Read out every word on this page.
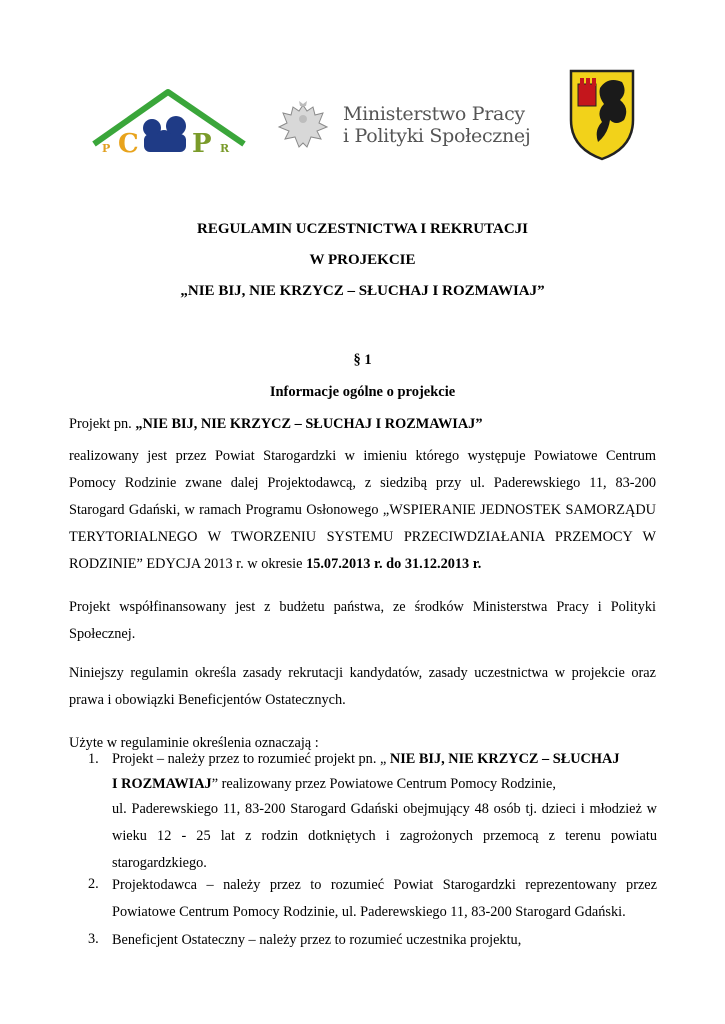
P C P R
Ministerstwo Pracy
i Polityki Społecznej
REGULAMIN UCZESTNICTWA I REKRUTACJI
W PROJEKCIE
„NIE BIJ, NIE KRZYCZ – SŁUCHAJ I ROZMAWIAJ”
§ 1
Informacje ogólne o projekcie
Projekt pn. „NIE BIJ, NIE KRZYCZ – SŁUCHAJ I ROZMAWIAJ”
realizowany jest przez Powiat Starogardzki w imieniu którego występuje Powiatowe Centrum Pomocy Rodzinie zwane dalej Projektodawcą, z siedzibą przy ul. Paderewskiego 11, 83-200 Starogard Gdański, w ramach Programu Osłonowego „WSPIERANIE JEDNOSTEK SAMORZĄDU TERYTORIALNEGO W TWORZENIU SYSTEMU PRZECIWDZIAŁANIA PRZEMOCY W RODZINIE” EDYCJA 2013 r. w okresie 15.07.2013 r. do 31.12.2013 r.
Projekt współfinansowany jest z budżetu państwa, ze środków Ministerstwa Pracy i Polityki Społecznej.
Niniejszy regulamin określa zasady rekrutacji kandydatów, zasady uczestnictwa w projekcie oraz prawa i obowiązki Beneficjentów Ostatecznych.
Użyte w regulaminie określenia oznaczają :
1. Projekt – należy przez to rozumieć projekt pn. „ NIE BIJ, NIE KRZYCZ – SŁUCHAJ
I ROZMAWIAJ” realizowany przez Powiatowe Centrum Pomocy Rodzinie,
ul. Paderewskiego 11, 83-200 Starogard Gdański obejmujący 48 osób tj. dzieci i młodzież w wieku 12 - 25 lat z rodzin dotkniętych i zagrożonych przemocą z terenu powiatu starogardzkiego.
2. Projektodawca – należy przez to rozumieć Powiat Starogardzki reprezentowany przez Powiatowe Centrum Pomocy Rodzinie, ul. Paderewskiego 11, 83-200 Starogard Gdański.
3. Beneficjent Ostateczny – należy przez to rozumieć uczestnika projektu,
